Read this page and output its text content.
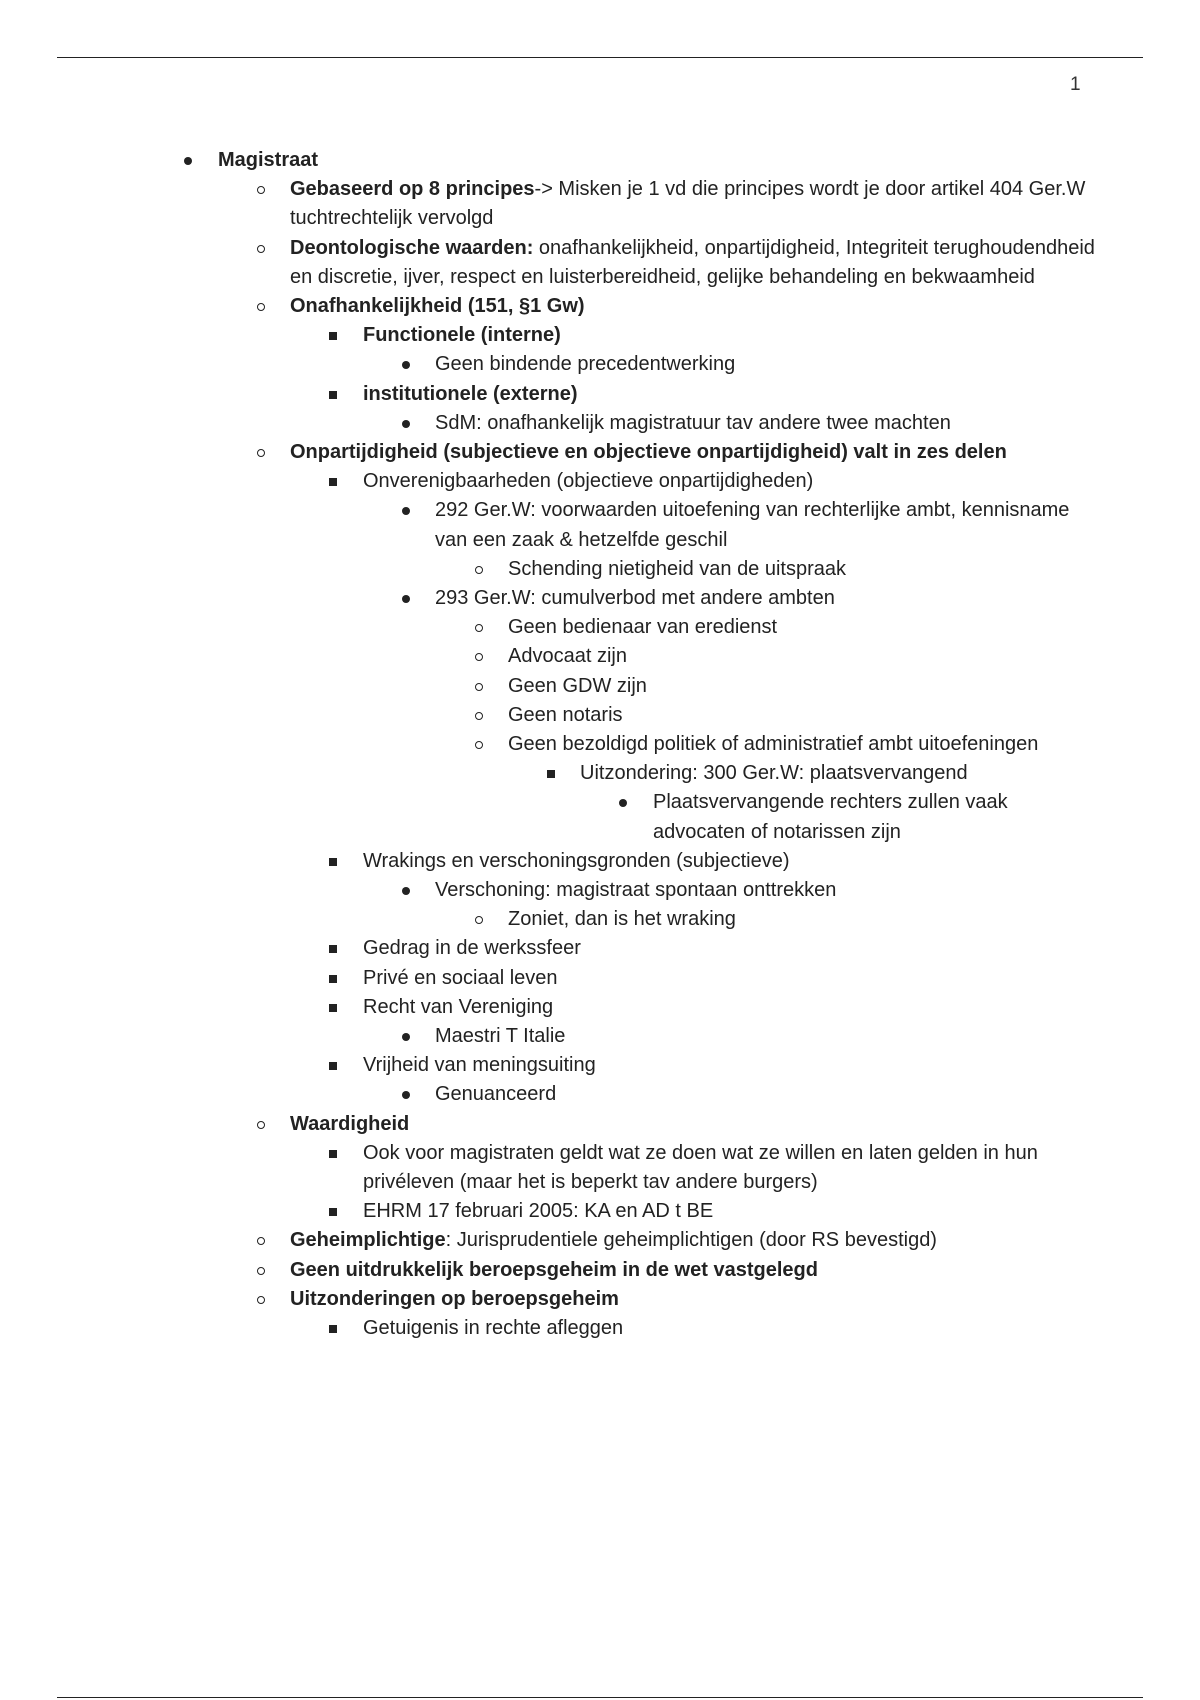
1
Magistraat
Gebaseerd op 8 principes-> Misken je 1 vd die principes wordt je door artikel 404 Ger.W tuchtrechtelijk vervolgd
Deontologische waarden: onafhankelijkheid, onpartijdigheid, Integriteit terughoudendheid en discretie, ijver, respect en luisterbereidheid, gelijke behandeling en bekwaamheid
Onafhankelijkheid (151, §1 Gw)
Functionele (interne)
Geen bindende precedentwerking
institutionele (externe)
SdM: onafhankelijk magistratuur tav andere twee machten
Onpartijdigheid (subjectieve en objectieve onpartijdigheid) valt in zes delen
Onverenigbaarheden (objectieve onpartijdigheden)
292 Ger.W: voorwaarden uitoefening van rechterlijke ambt, kennisname van een zaak & hetzelfde geschil
Schending nietigheid van de uitspraak
293 Ger.W: cumulverbod met andere ambten
Geen bedienaar van eredienst
Advocaat zijn
Geen GDW zijn
Geen notaris
Geen bezoldigd politiek of administratief ambt uitoefeningen
Uitzondering: 300 Ger.W: plaatsvervangend
Plaatsvervangende rechters zullen vaak advocaten of notarissen zijn
Wrakings en verschoningsgronden (subjectieve)
Verschoning: magistraat spontaan onttrekken
Zoniet, dan is het wraking
Gedrag in de werkssfeer
Privé en sociaal leven
Recht van Vereniging
Maestri T Italie
Vrijheid van meningsuiting
Genuanceerd
Waardigheid
Ook voor magistraten geldt wat ze doen wat ze willen en laten gelden in hun privéleven (maar het is beperkt tav andere burgers)
EHRM 17 februari 2005: KA en AD t BE
Geheimplichtige: Jurisprudentiele geheimplichtigen (door RS bevestigd)
Geen uitdrukkelijk beroepsgeheim in de wet vastgelegd
Uitzonderingen op beroepsgeheim
Getuigenis in rechte afleggen
